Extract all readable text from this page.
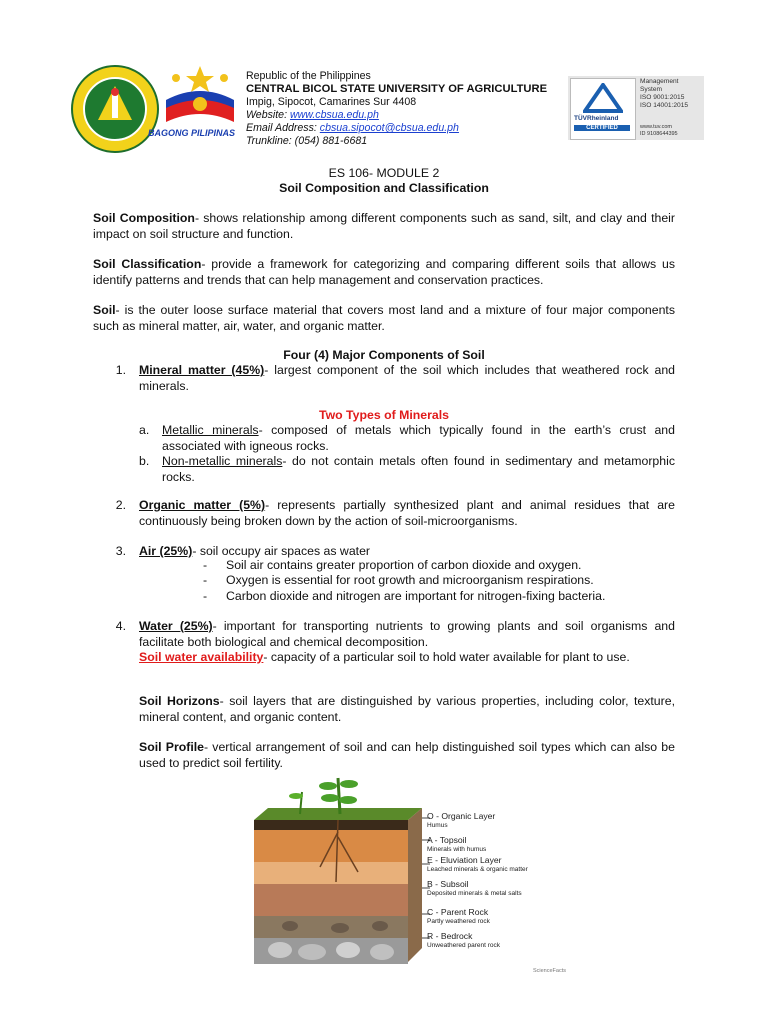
BAGONG PILIPINAS
Republic of the Philippines
CENTRAL BICOL STATE UNIVERSITY OF AGRICULTURE
Impig, Sipocot, Camarines Sur 4408
Website: www.cbsua.edu.ph
Email Address: cbsua.sipocot@cbsua.edu.ph
Trunkline: (054) 881-6681
TÜVRheinland
CERTIFIED
Management
System
ISO 9001:2015
ISO 14001:2015
www.tuv.com
ID 9108644395
ES 106- MODULE 2
Soil Composition and Classification

Soil Composition- shows relationship among different components such as sand, silt, and clay and their impact on soil structure and function.

Soil Classification- provide a framework for categorizing and comparing different soils that allows us identify patterns and trends that can help management and conservation practices.

Soil- is the outer loose surface material that covers most land and a mixture of four major components such as mineral matter, air, water, and organic matter.

Four (4) Major Components of Soil
1. Mineral matter (45%)- largest component of the soil which includes that weathered rock and minerals.
Two Types of Minerals
a. Metallic minerals- composed of metals which typically found in the earth’s crust and associated with igneous rocks.
b. Non-metallic minerals- do not contain metals often found in sedimentary and metamorphic rocks.
2. Organic matter (5%)- represents partially synthesized plant and animal residues that are continuously being broken down by the action of soil-microorganisms.
3. Air (25%)- soil occupy air spaces as water
- Soil air contains greater proportion of carbon dioxide and oxygen.
- Oxygen is essential for root growth and microorganism respirations.
- Carbon dioxide and nitrogen are important for nitrogen-fixing bacteria.
4. Water (25%)- important for transporting nutrients to growing plants and soil organisms and facilitate both biological and chemical decomposition.
Soil water availability- capacity of a particular soil to hold water available for plant to use.
Soil Horizons- soil layers that are distinguished by various properties, including color, texture, mineral content, and organic content.
Soil Profile- vertical arrangement of soil and can help distinguished soil types which can also be used to predict soil fertility.
O - Organic Layer
Humus
A - Topsoil
Minerals with humus
E - Eluviation Layer
Leached minerals & organic matter
B - Subsoil
Deposited minerals & metal salts
C - Parent Rock
Partly weathered rock
R - Bedrock
Unweathered parent rock
ScienceFacts
